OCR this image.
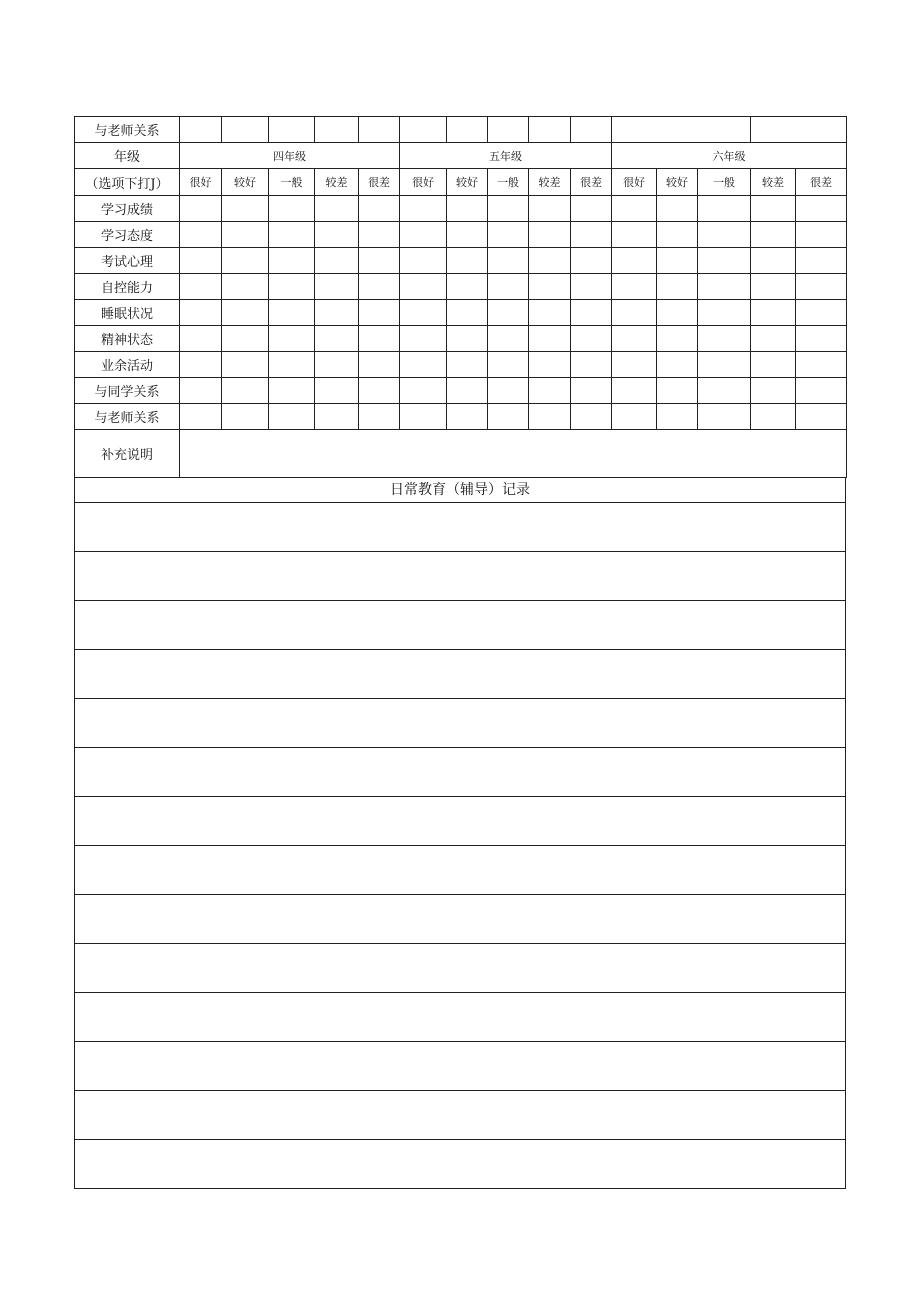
与老师关系															
年级	四年级					五年级					六年级				
（选项下打J）	很好	较好	一般	较差	很差	很好	较好	一般	较差	很差	很好	较好	一般	较差	很差
学习成绩															
学习态度															
考试心理															
自控能力															
睡眠状况															
精神状态															
业余活动															
与同学关系															
与老师关系															
补充说明															
日常教育（辅导）记录
